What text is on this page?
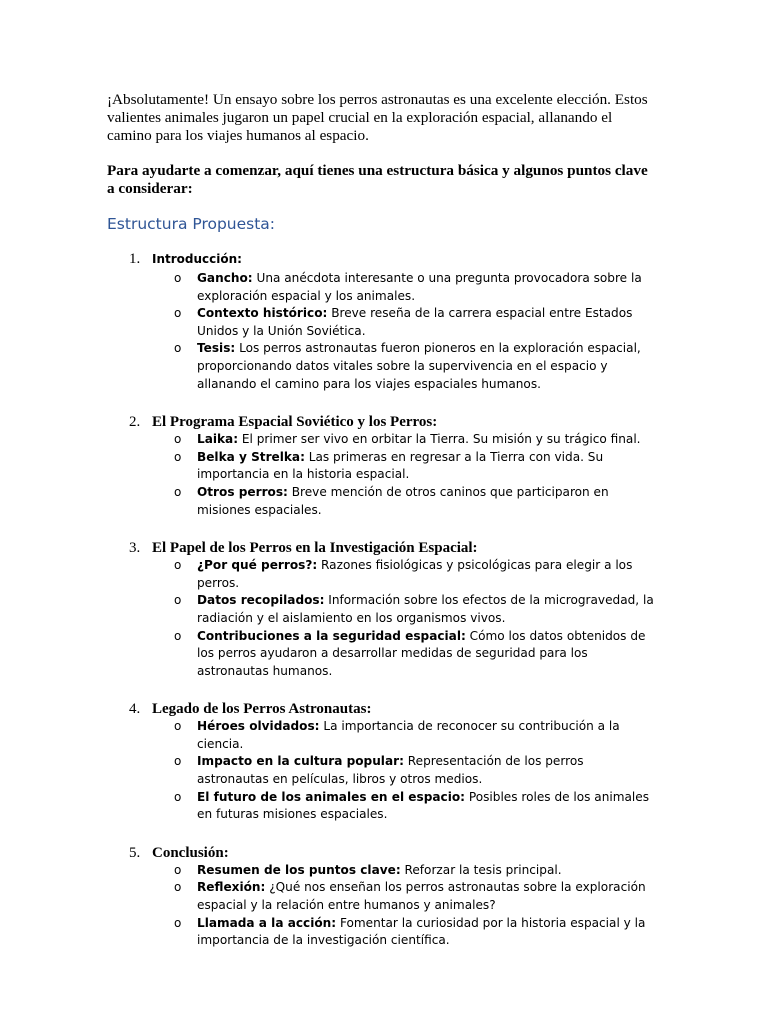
¡Absolutamente! Un ensayo sobre los perros astronautas es una excelente elección. Estos valientes animales jugaron un papel crucial en la exploración espacial, allanando el camino para los viajes humanos al espacio.

Para ayudarte a comenzar, aquí tienes una estructura básica y algunos puntos clave a considerar:

Estructura Propuesta:
1. Introducción:
o Gancho: Una anécdota interesante o una pregunta provocadora sobre la exploración espacial y los animales.
o Contexto histórico: Breve reseña de la carrera espacial entre Estados Unidos y la Unión Soviética.
o Tesis: Los perros astronautas fueron pioneros en la exploración espacial, proporcionando datos vitales sobre la supervivencia en el espacio y allanando el camino para los viajes espaciales humanos.
2. El Programa Espacial Soviético y los Perros:
o Laika: El primer ser vivo en orbitar la Tierra. Su misión y su trágico final.
o Belka y Strelka: Las primeras en regresar a la Tierra con vida. Su importancia en la historia espacial.
o Otros perros: Breve mención de otros caninos que participaron en misiones espaciales.
3. El Papel de los Perros en la Investigación Espacial:
o ¿Por qué perros?: Razones fisiológicas y psicológicas para elegir a los perros.
o Datos recopilados: Información sobre los efectos de la microgravedad, la radiación y el aislamiento en los organismos vivos.
o Contribuciones a la seguridad espacial: Cómo los datos obtenidos de los perros ayudaron a desarrollar medidas de seguridad para los astronautas humanos.
4. Legado de los Perros Astronautas:
o Héroes olvidados: La importancia de reconocer su contribución a la ciencia.
o Impacto en la cultura popular: Representación de los perros astronautas en películas, libros y otros medios.
o El futuro de los animales en el espacio: Posibles roles de los animales en futuras misiones espaciales.
5. Conclusión:
o Resumen de los puntos clave: Reforzar la tesis principal.
o Reflexión: ¿Qué nos enseñan los perros astronautas sobre la exploración espacial y la relación entre humanos y animales?
o Llamada a la acción: Fomentar la curiosidad por la historia espacial y la importancia de la investigación científica.
